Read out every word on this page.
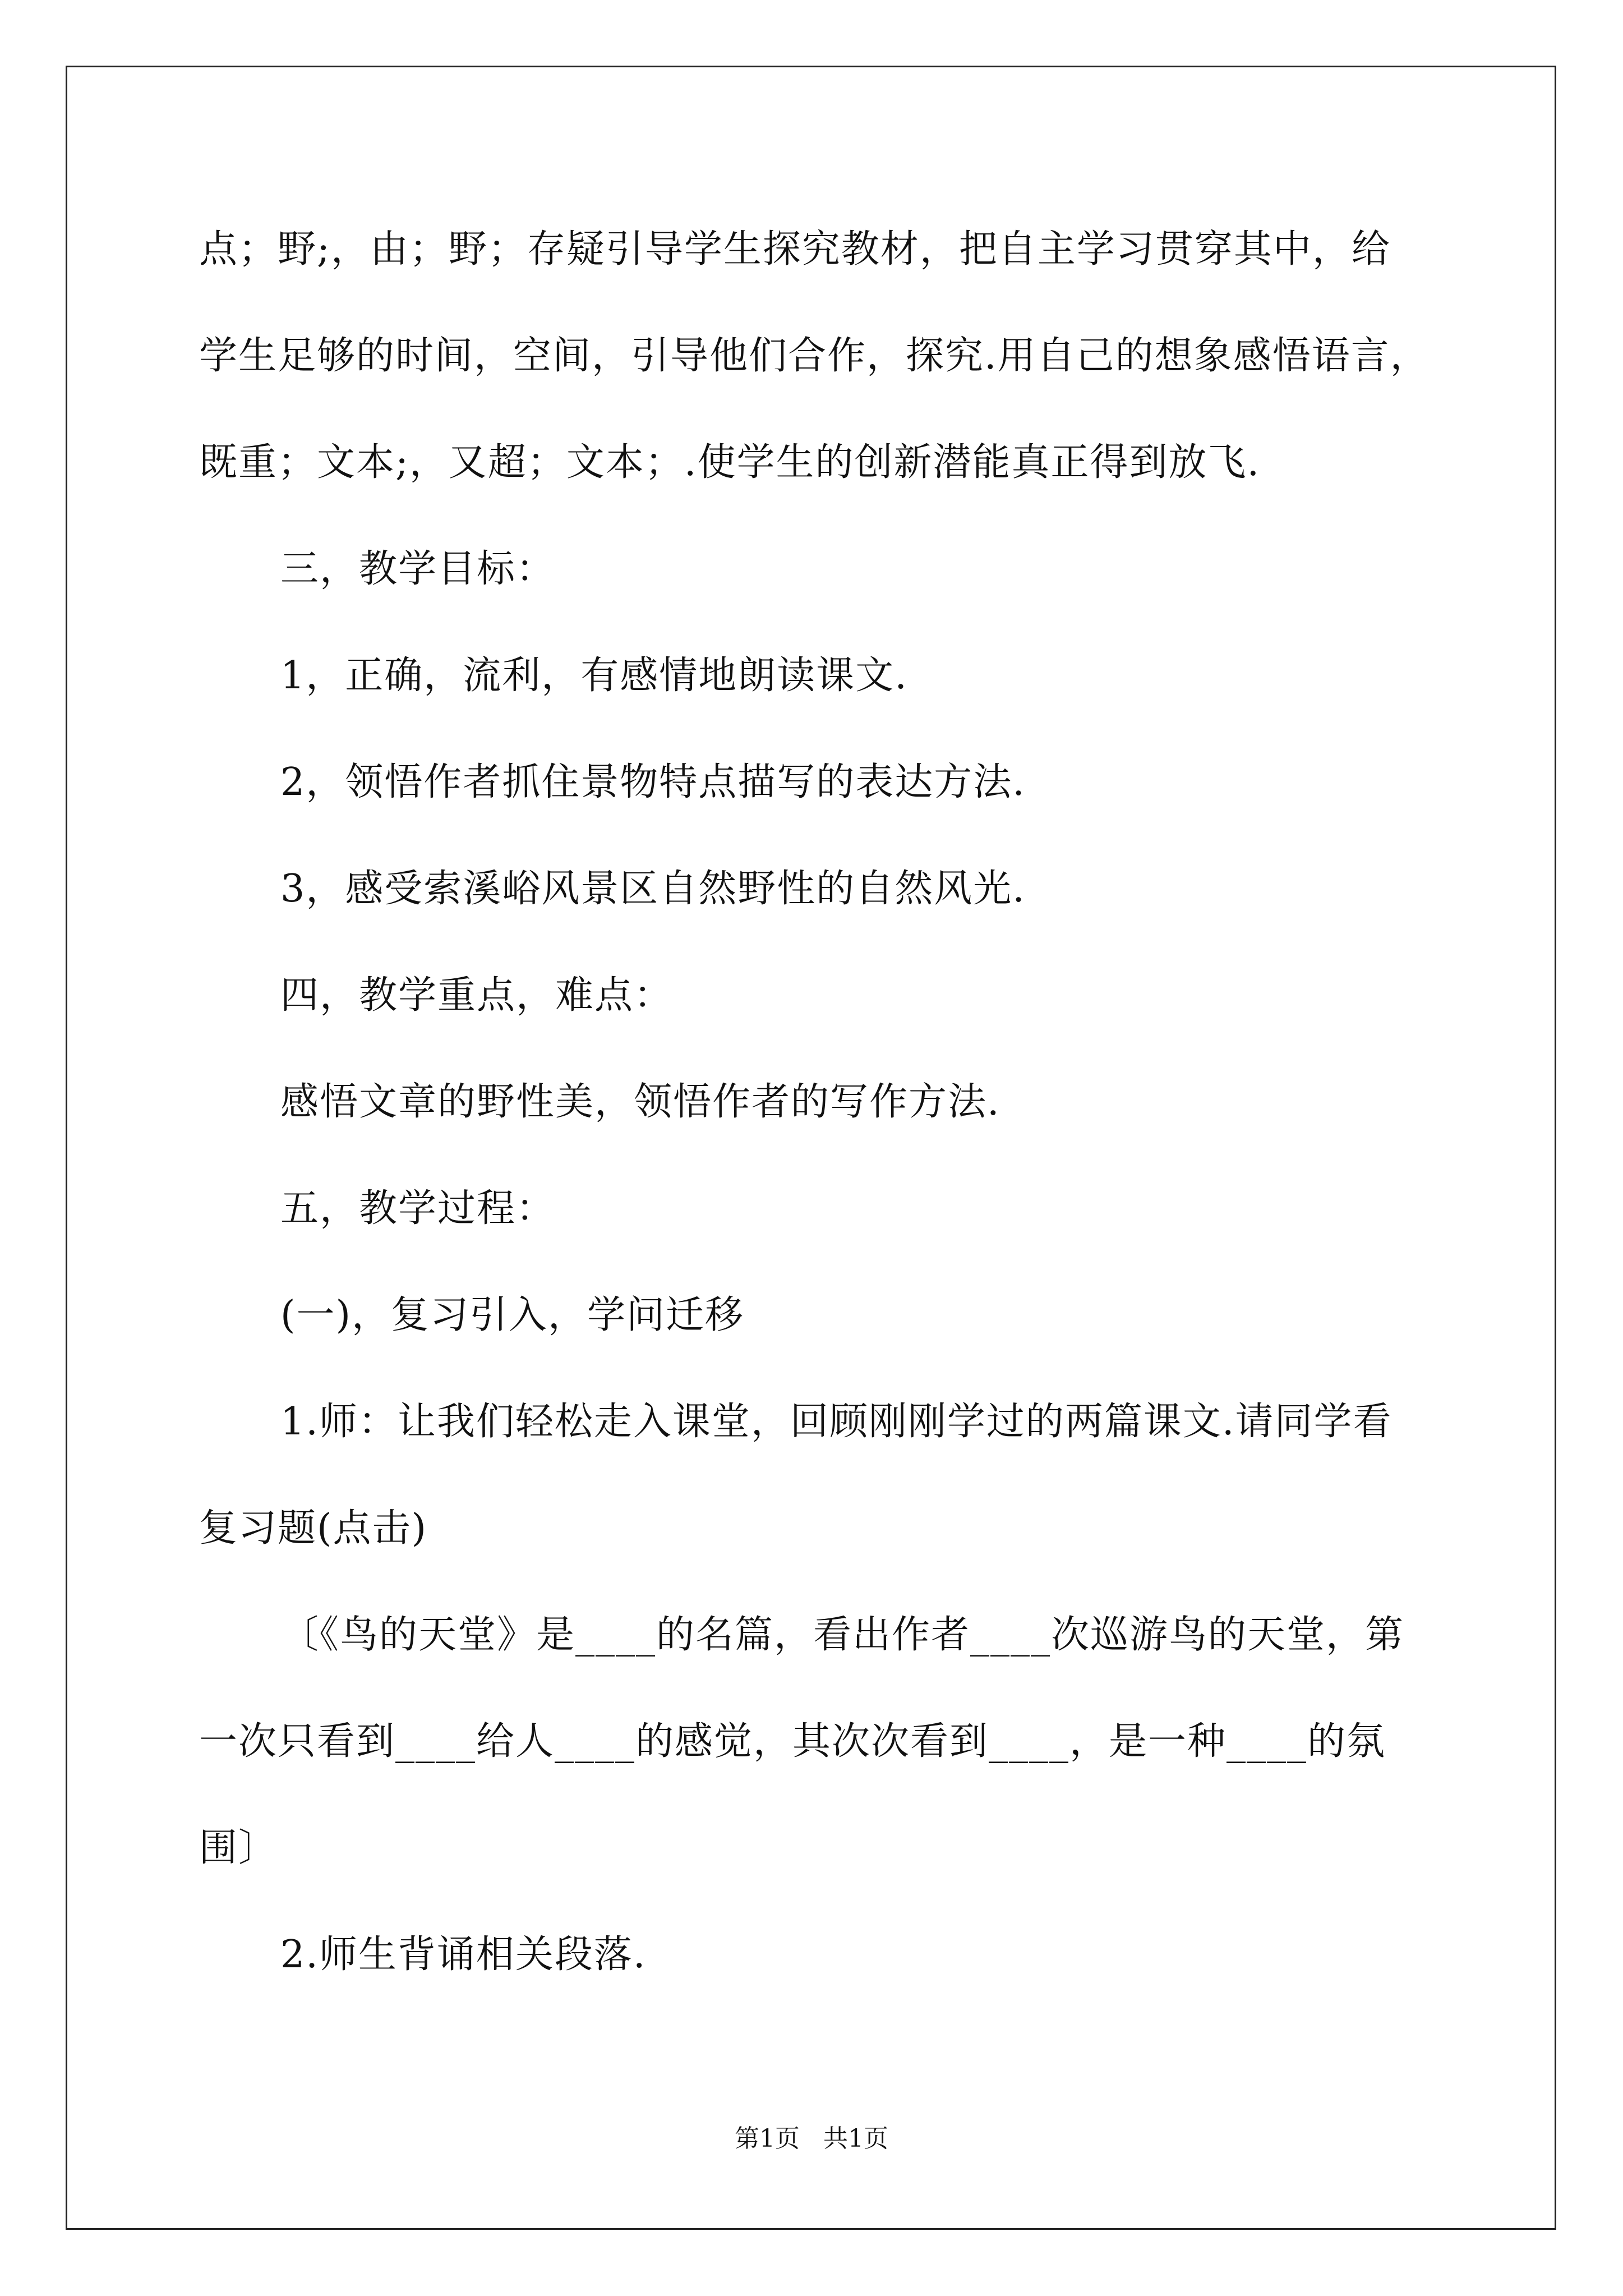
点；野;，由；野；存疑引导学生探究教材，把自主学习贯穿其中，给
学生足够的时间，空间，引导他们合作，探究.用自己的想象感悟语言，
既重；文本;，又超；文本；.使学生的创新潜能真正得到放飞.
三，教学目标：
1，正确，流利，有感情地朗读课文.
2，领悟作者抓住景物特点描写的表达方法.
3，感受索溪峪风景区自然野性的自然风光.
四，教学重点，难点：
感悟文章的野性美，领悟作者的写作方法.
五，教学过程：
(一)，复习引入，学问迁移
1.师：让我们轻松走入课堂，回顾刚刚学过的两篇课文.请同学看
复习题(点击)
〔《鸟的天堂》是____的名篇，看出作者____次巡游鸟的天堂，第
一次只看到____给人____的感觉，其次次看到____，是一种____的氛
围〕
2.师生背诵相关段落.
第1页   共1页
